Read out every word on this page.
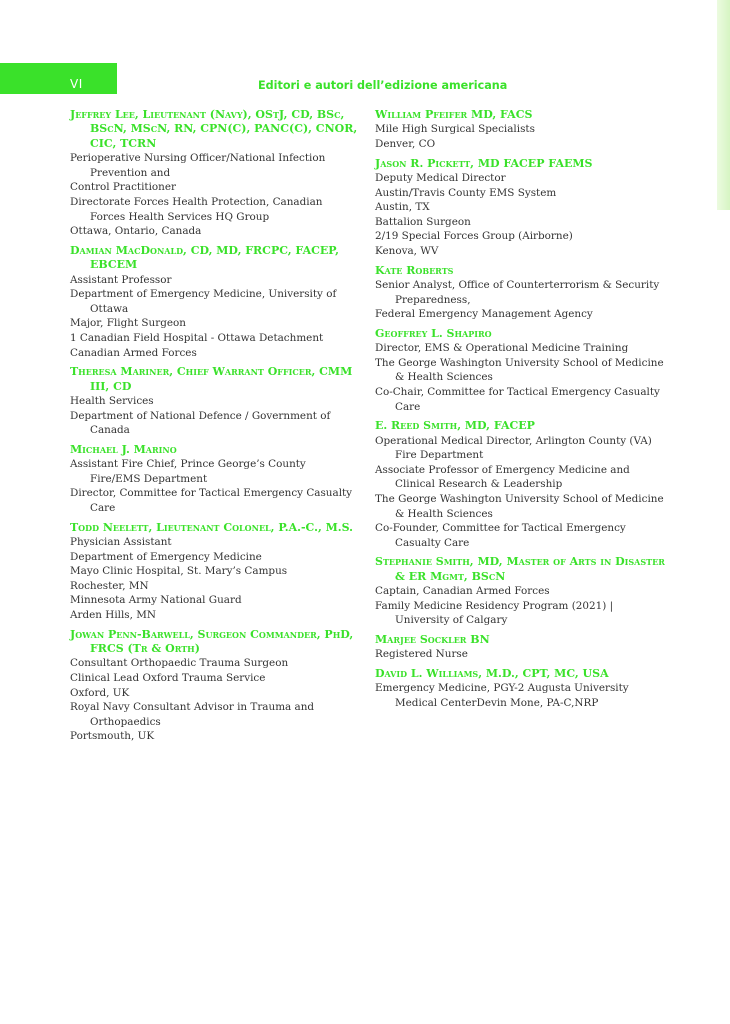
VI	Editori e autori dell’edizione americana
Jeffrey Lee, Lieutenant (Navy), OStJ, CD, BSc, BScN, MScN, RN, CPN(C), PANC(C), CNOR, CIC, TCRN
Perioperative Nursing Officer/National Infection Prevention and
Control Practitioner
Directorate Forces Health Protection, Canadian Forces Health Services HQ Group
Ottawa, Ontario, Canada
Damian MacDonald, CD, MD, FRCPC, FACEP, EBCEM
Assistant Professor
Department of Emergency Medicine, University of Ottawa
Major, Flight Surgeon
1 Canadian Field Hospital - Ottawa Detachment
Canadian Armed Forces
Theresa Mariner, Chief Warrant Officer, CMM III, CD
Health Services
Department of National Defence / Government of Canada
Michael J. Marino
Assistant Fire Chief, Prince George’s County Fire/EMS Department
Director, Committee for Tactical Emergency Casualty Care
Todd Neelett, Lieutenant Colonel, P.A.-C., M.S.
Physician Assistant
Department of Emergency Medicine
Mayo Clinic Hospital, St. Mary’s Campus
Rochester, MN
Minnesota Army National Guard
Arden Hills, MN
Jowan Penn-Barwell, Surgeon Commander, PhD, FRCS (Tr & Orth)
Consultant Orthopaedic Trauma Surgeon
Clinical Lead Oxford Trauma Service
Oxford, UK
Royal Navy Consultant Advisor in Trauma and Orthopaedics
Portsmouth, UK
William Pfeifer MD, FACS
Mile High Surgical Specialists
Denver, CO
Jason R. Pickett, MD FACEP FAEMS
Deputy Medical Director
Austin/Travis County EMS System
Austin, TX
Battalion Surgeon
2/19 Special Forces Group (Airborne)
Kenova, WV
Kate Roberts
Senior Analyst, Office of Counterterrorism & Security Preparedness,
Federal Emergency Management Agency
Geoffrey L. Shapiro
Director, EMS & Operational Medicine Training
The George Washington University School of Medicine & Health Sciences
Co-Chair, Committee for Tactical Emergency Casualty Care
E. Reed Smith, MD, FACEP
Operational Medical Director, Arlington County (VA) Fire Department
Associate Professor of Emergency Medicine and Clinical Research & Leadership
The George Washington University School of Medicine & Health Sciences
Co-Founder, Committee for Tactical Emergency Casualty Care
Stephanie Smith, MD, Master of Arts in Disaster & ER Mgmt, BScN
Captain, Canadian Armed Forces
Family Medicine Residency Program (2021) | University of Calgary
Marjee Sockler BN
Registered Nurse
David L. Williams, M.D., CPT, MC, USA
Emergency Medicine, PGY-2 Augusta University Medical CenterDevin Mone, PA-C,NRP
